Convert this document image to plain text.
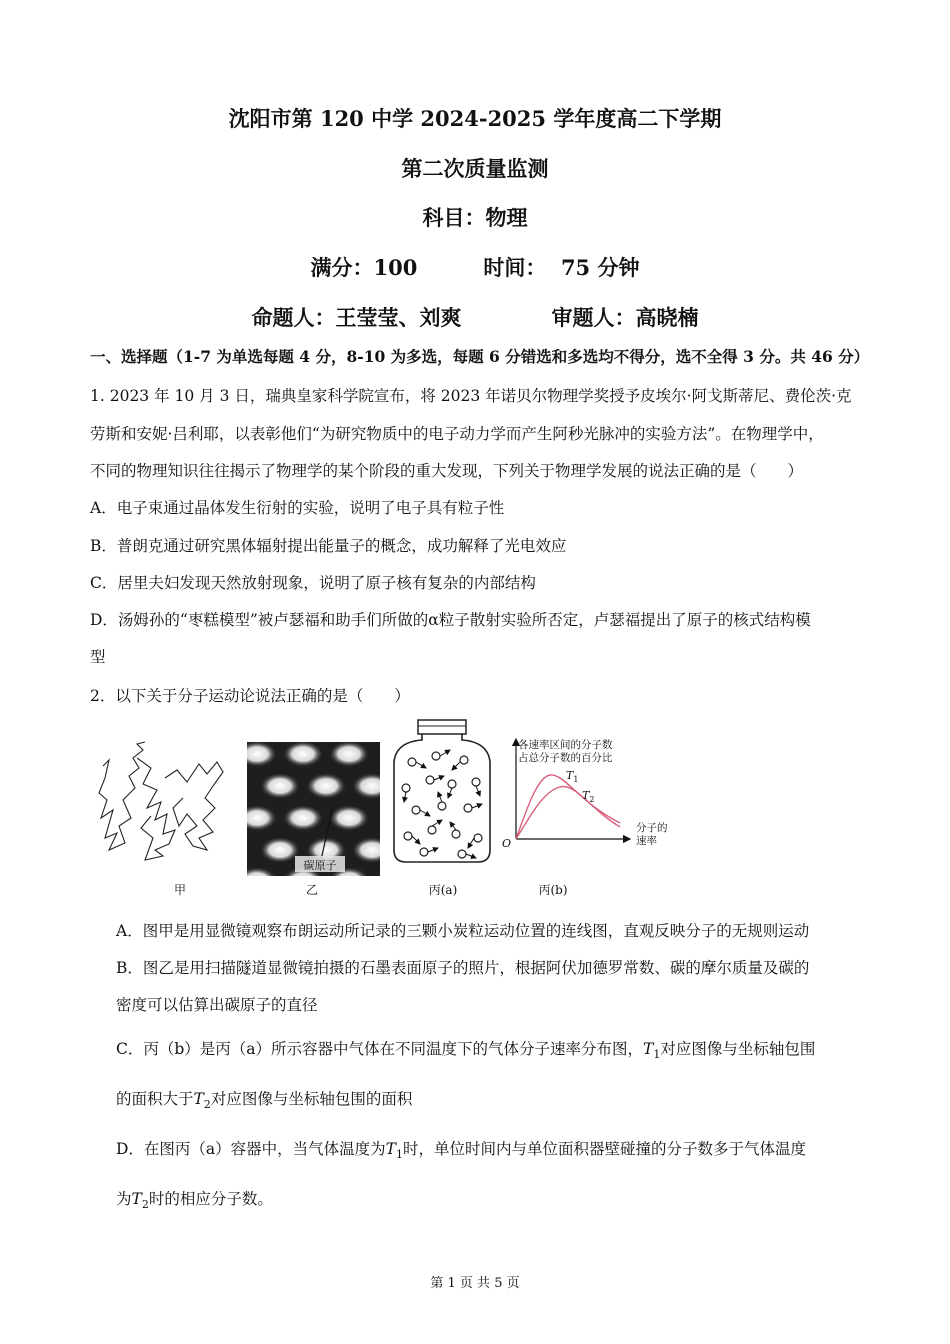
沈阳市第 120 中学 2024-2025 学年度高二下学期
第二次质量监测
科目：物理
满分：100	时间：  75 分钟
命题人：王莹莹、刘爽	审题人：高晓楠
一、选择题（1-7 为单选每题 4 分，8-10 为多选，每题 6 分错选和多选均不得分，选不全得 3 分。共 46 分）
1. 2023 年 10 月 3 日，瑞典皇家科学院宣布，将 2023 年诺贝尔物理学奖授予皮埃尔·阿戈斯蒂尼、费伦茨·克
劳斯和安妮·吕利耶，以表彰他们“为研究物质中的电子动力学而产生阿秒光脉冲的实验方法”。在物理学中，
不同的物理知识往往揭示了物理学的某个阶段的重大发现，下列关于物理学发展的说法正确的是（　　）
A．电子束通过晶体发生衍射的实验，说明了电子具有粒子性
B．普朗克通过研究黑体辐射提出能量子的概念，成功解释了光电效应
C．居里夫妇发现天然放射现象，说明了原子核有复杂的内部结构
D．汤姆孙的“枣糕模型”被卢瑟福和助手们所做的α粒子散射实验所否定，卢瑟福提出了原子的核式结构模
型
2．以下关于分子运动论说法正确的是（　　）
甲
碳原子
乙	丙(a)
各速率区间的分子数
占总分子数的百分比
$T_1$
$T_2$
O
分子的
速率
丙(b)
A．图甲是用显微镜观察布朗运动所记录的三颗小炭粒运动位置的连线图，直观反映分子的无规则运动
B．图乙是用扫描隧道显微镜拍摄的石墨表面原子的照片，根据阿伏加德罗常数、碳的摩尔质量及碳的
密度可以估算出碳原子的直径
C．丙（b）是丙（a）所示容器中气体在不同温度下的气体分子速率分布图，$T_1$对应图像与坐标轴包围
的面积大于$T_2$对应图像与坐标轴包围的面积
D．在图丙（a）容器中，当气体温度为$T_1$时，单位时间内与单位面积器壁碰撞的分子数多于气体温度
为$T_2$时的相应分子数。
第 1 页 共 5 页
